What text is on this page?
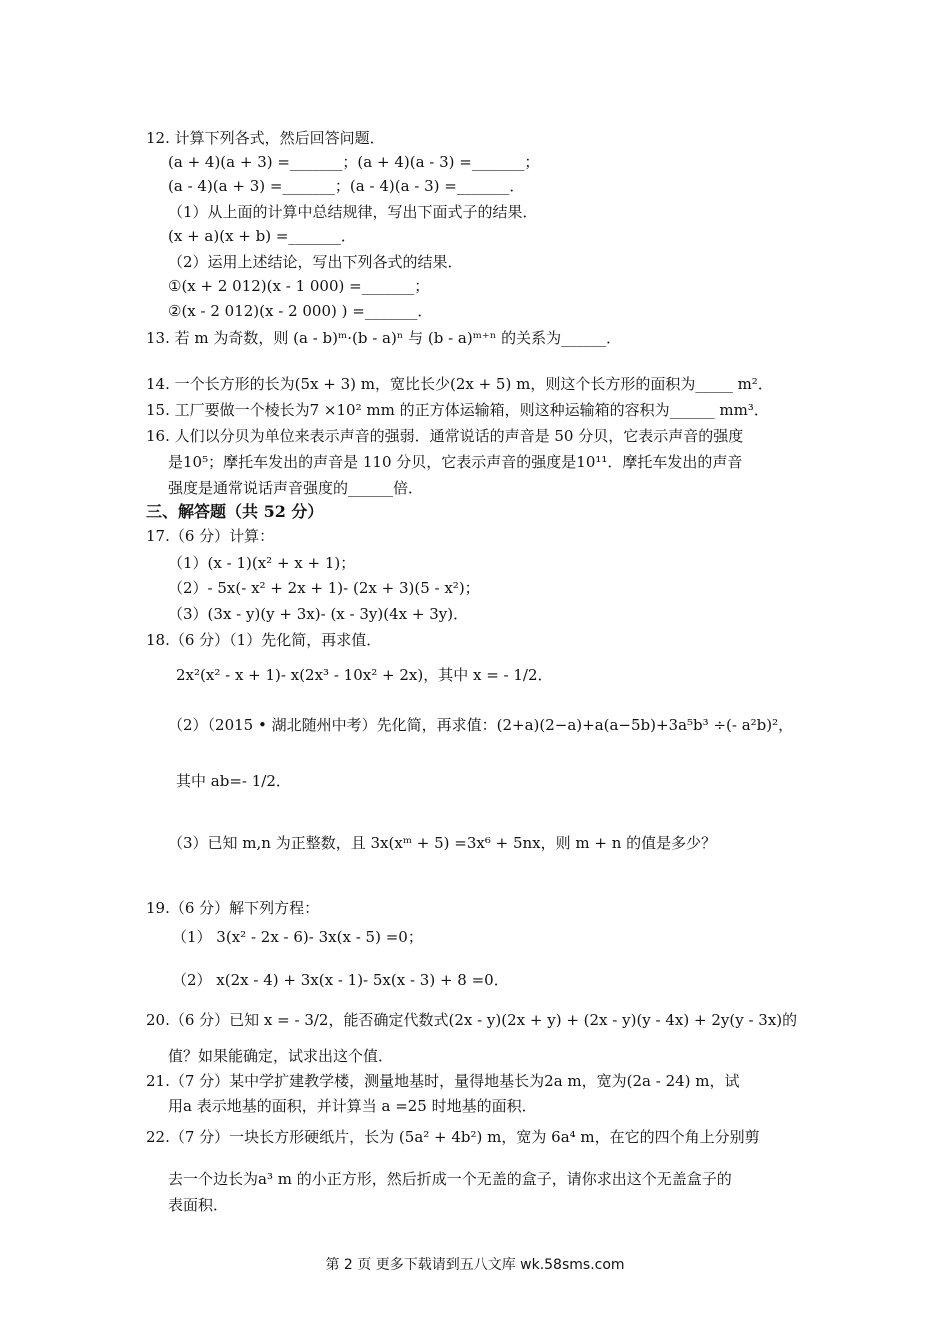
12. 计算下列各式，然后回答问题．
(a + 4)(a + 3) =_______；(a + 4)(a - 3) =_______；
(a - 4)(a + 3) =_______；(a - 4)(a - 3) =_______．
（1）从上面的计算中总结规律，写出下面式子的结果．
(x + a)(x + b) =_______．
（2）运用上述结论，写出下列各式的结果．
①(x + 2 012)(x - 1 000) =_______；
②(x - 2 012)(x - 2 000) ) =_______．
13. 若 m 为奇数，则 (a - b)ᵐ·(b - a)ⁿ 与 (b - a)ᵐ⁺ⁿ 的关系为______．
14. 一个长方形的长为(5x + 3) m，宽比长少(2x + 5) m，则这个长方形的面积为_____ m²．
15. 工厂要做一个棱长为7 ×10² mm 的正方体运输箱，则这种运输箱的容积为______ mm³．
16. 人们以分贝为单位来表示声音的强弱．通常说话的声音是 50 分贝，它表示声音的强度
是10⁵；摩托车发出的声音是 110 分贝，它表示声音的强度是10¹¹．摩托车发出的声音
强度是通常说话声音强度的______倍．
三、解答题（共 52 分）
17.（6 分）计算：
（1）(x - 1)(x² + x + 1)；
（2）- 5x(- x² + 2x + 1)- (2x + 3)(5 - x²)；
（3）(3x - y)(y + 3x)- (x - 3y)(4x + 3y)．
18.（6 分）（1）先化简，再求值．
2x²(x² - x + 1)- x(2x³ - 10x² + 2x)，其中 x = - 1/2．
（2）（2015 • 湖北随州中考）先化简，再求值：(2+a)(2−a)+a(a−5b)+3a⁵b³ ÷(- a²b)²，
其中 ab=- 1/2．
（3）已知 m,n 为正整数，且 3x(xᵐ + 5) =3x⁶ + 5nx，则 m + n 的值是多少？
19.（6 分）解下列方程：
（1） 3(x² - 2x - 6)- 3x(x - 5) =0；
（2） x(2x - 4) + 3x(x - 1)- 5x(x - 3) + 8 =0．
20.（6 分）已知 x = - 3/2，能否确定代数式(2x - y)(2x + y) + (2x - y)(y - 4x) + 2y(y - 3x)的
值？如果能确定，试求出这个值．
21.（7 分）某中学扩建教学楼，测量地基时，量得地基长为2a m，宽为(2a - 24) m，试
用a 表示地基的面积，并计算当 a =25 时地基的面积．
22.（7 分）一块长方形硬纸片，长为 (5a² + 4b²) m，宽为 6a⁴ m，在它的四个角上分别剪
去一个边长为a³ m 的小正方形，然后折成一个无盖的盒子，请你求出这个无盖盒子的
表面积．
第 2 页 更多下载请到五八文库 wk.58sms.com
